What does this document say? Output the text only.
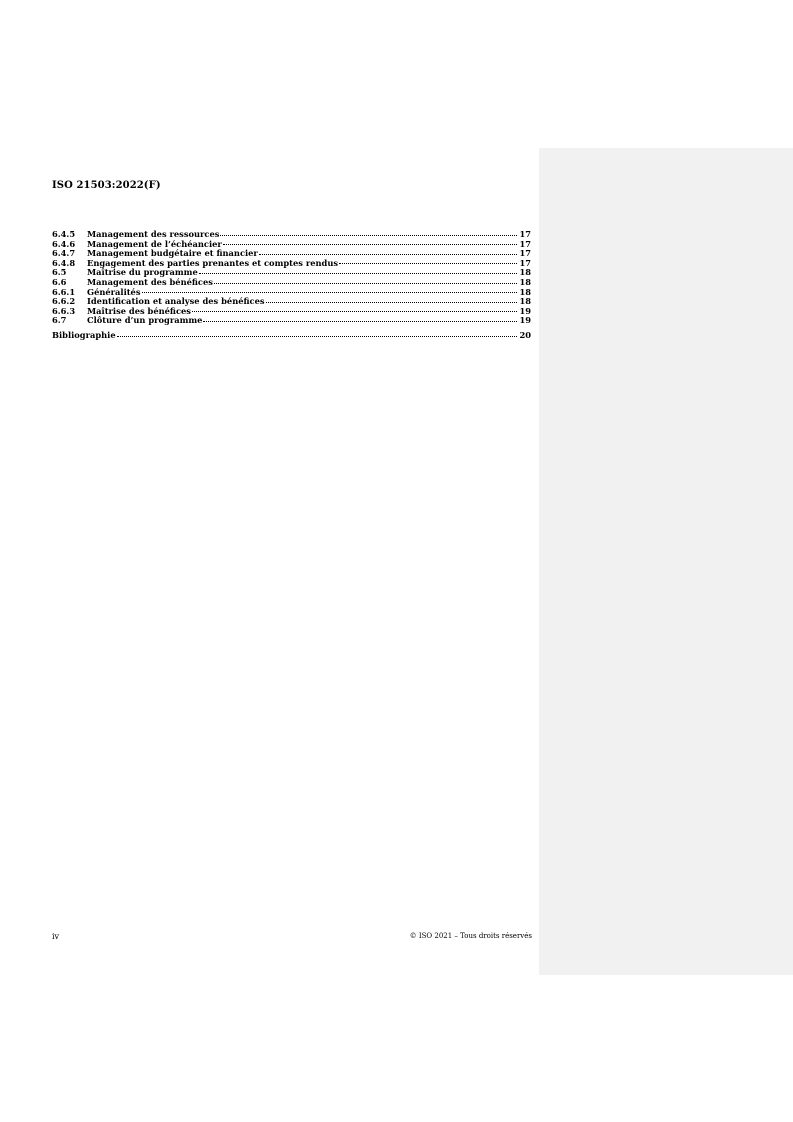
ISO 21503:2022(F)
6.4.5	Management des ressources	17
6.4.6	Management de l’échéancier	17
6.4.7	Management budgétaire et financier	17
6.4.8	Engagement des parties prenantes et comptes rendus	17
6.5	Maîtrise du programme	18
6.6	Management des bénéfices	18
6.6.1	Généralités	18
6.6.2	Identification et analyse des bénéfices	18
6.6.3	Maîtrise des bénéfices	19
6.7	Clôture d’un programme	19
Bibliographie	20
iv	© ISO 2021 – Tous droits réservés
